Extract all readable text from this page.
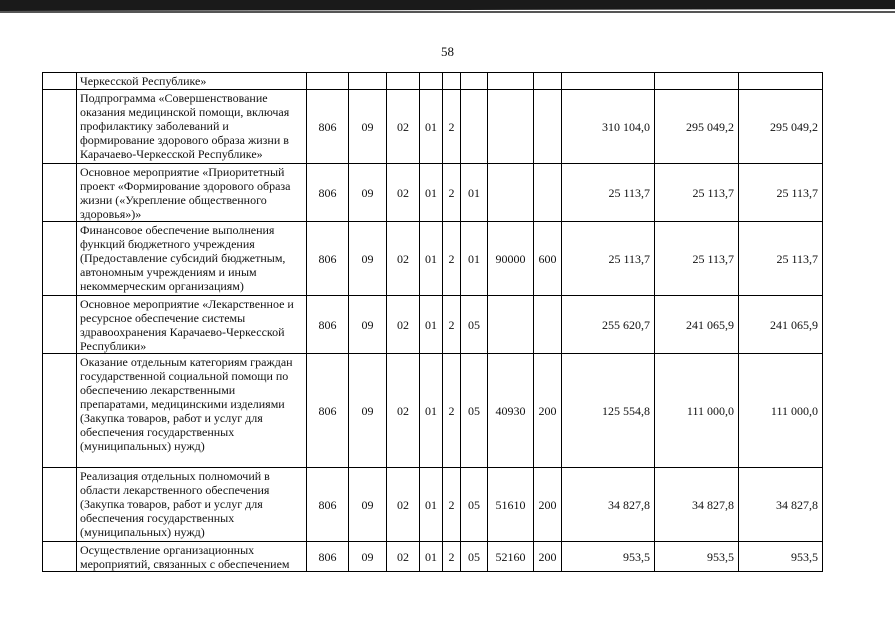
58
	Черкесской Республике»											
	Подпрограмма «Совершенствование оказания медицинской помощи, включая профилактику заболеваний и формирование здорового образа жизни в Карачаево-Черкесской Республике»	806	09	02	01	2				310 104,0	295 049,2	295 049,2
	Основное мероприятие «Приоритетный проект «Формирование здорового образа жизни («Укрепление общественного здоровья»)»	806	09	02	01	2	01			25 113,7	25 113,7	25 113,7
	Финансовое обеспечение выполнения функций бюджетного учреждения (Предоставление субсидий бюджетным, автономным учреждениям и иным некоммерческим организациям)	806	09	02	01	2	01	90000	600	25 113,7	25 113,7	25 113,7
	Основное мероприятие «Лекарственное и ресурсное обеспечение системы здравоохранения Карачаево-Черкесской Республики»	806	09	02	01	2	05			255 620,7	241 065,9	241 065,9
	Оказание отдельным категориям граждан государственной социальной помощи по обеспечению лекарственными препаратами, медицинскими изделиями (Закупка товаров, работ и услуг для обеспечения государственных (муниципальных) нужд)	806	09	02	01	2	05	40930	200	125 554,8	111 000,0	111 000,0
	Реализация отдельных полномочий в области лекарственного обеспечения (Закупка товаров, работ и услуг для обеспечения государственных (муниципальных) нужд)	806	09	02	01	2	05	51610	200	34 827,8	34 827,8	34 827,8
	Осуществление организационных мероприятий, связанных с обеспечением	806	09	02	01	2	05	52160	200	953,5	953,5	953,5
